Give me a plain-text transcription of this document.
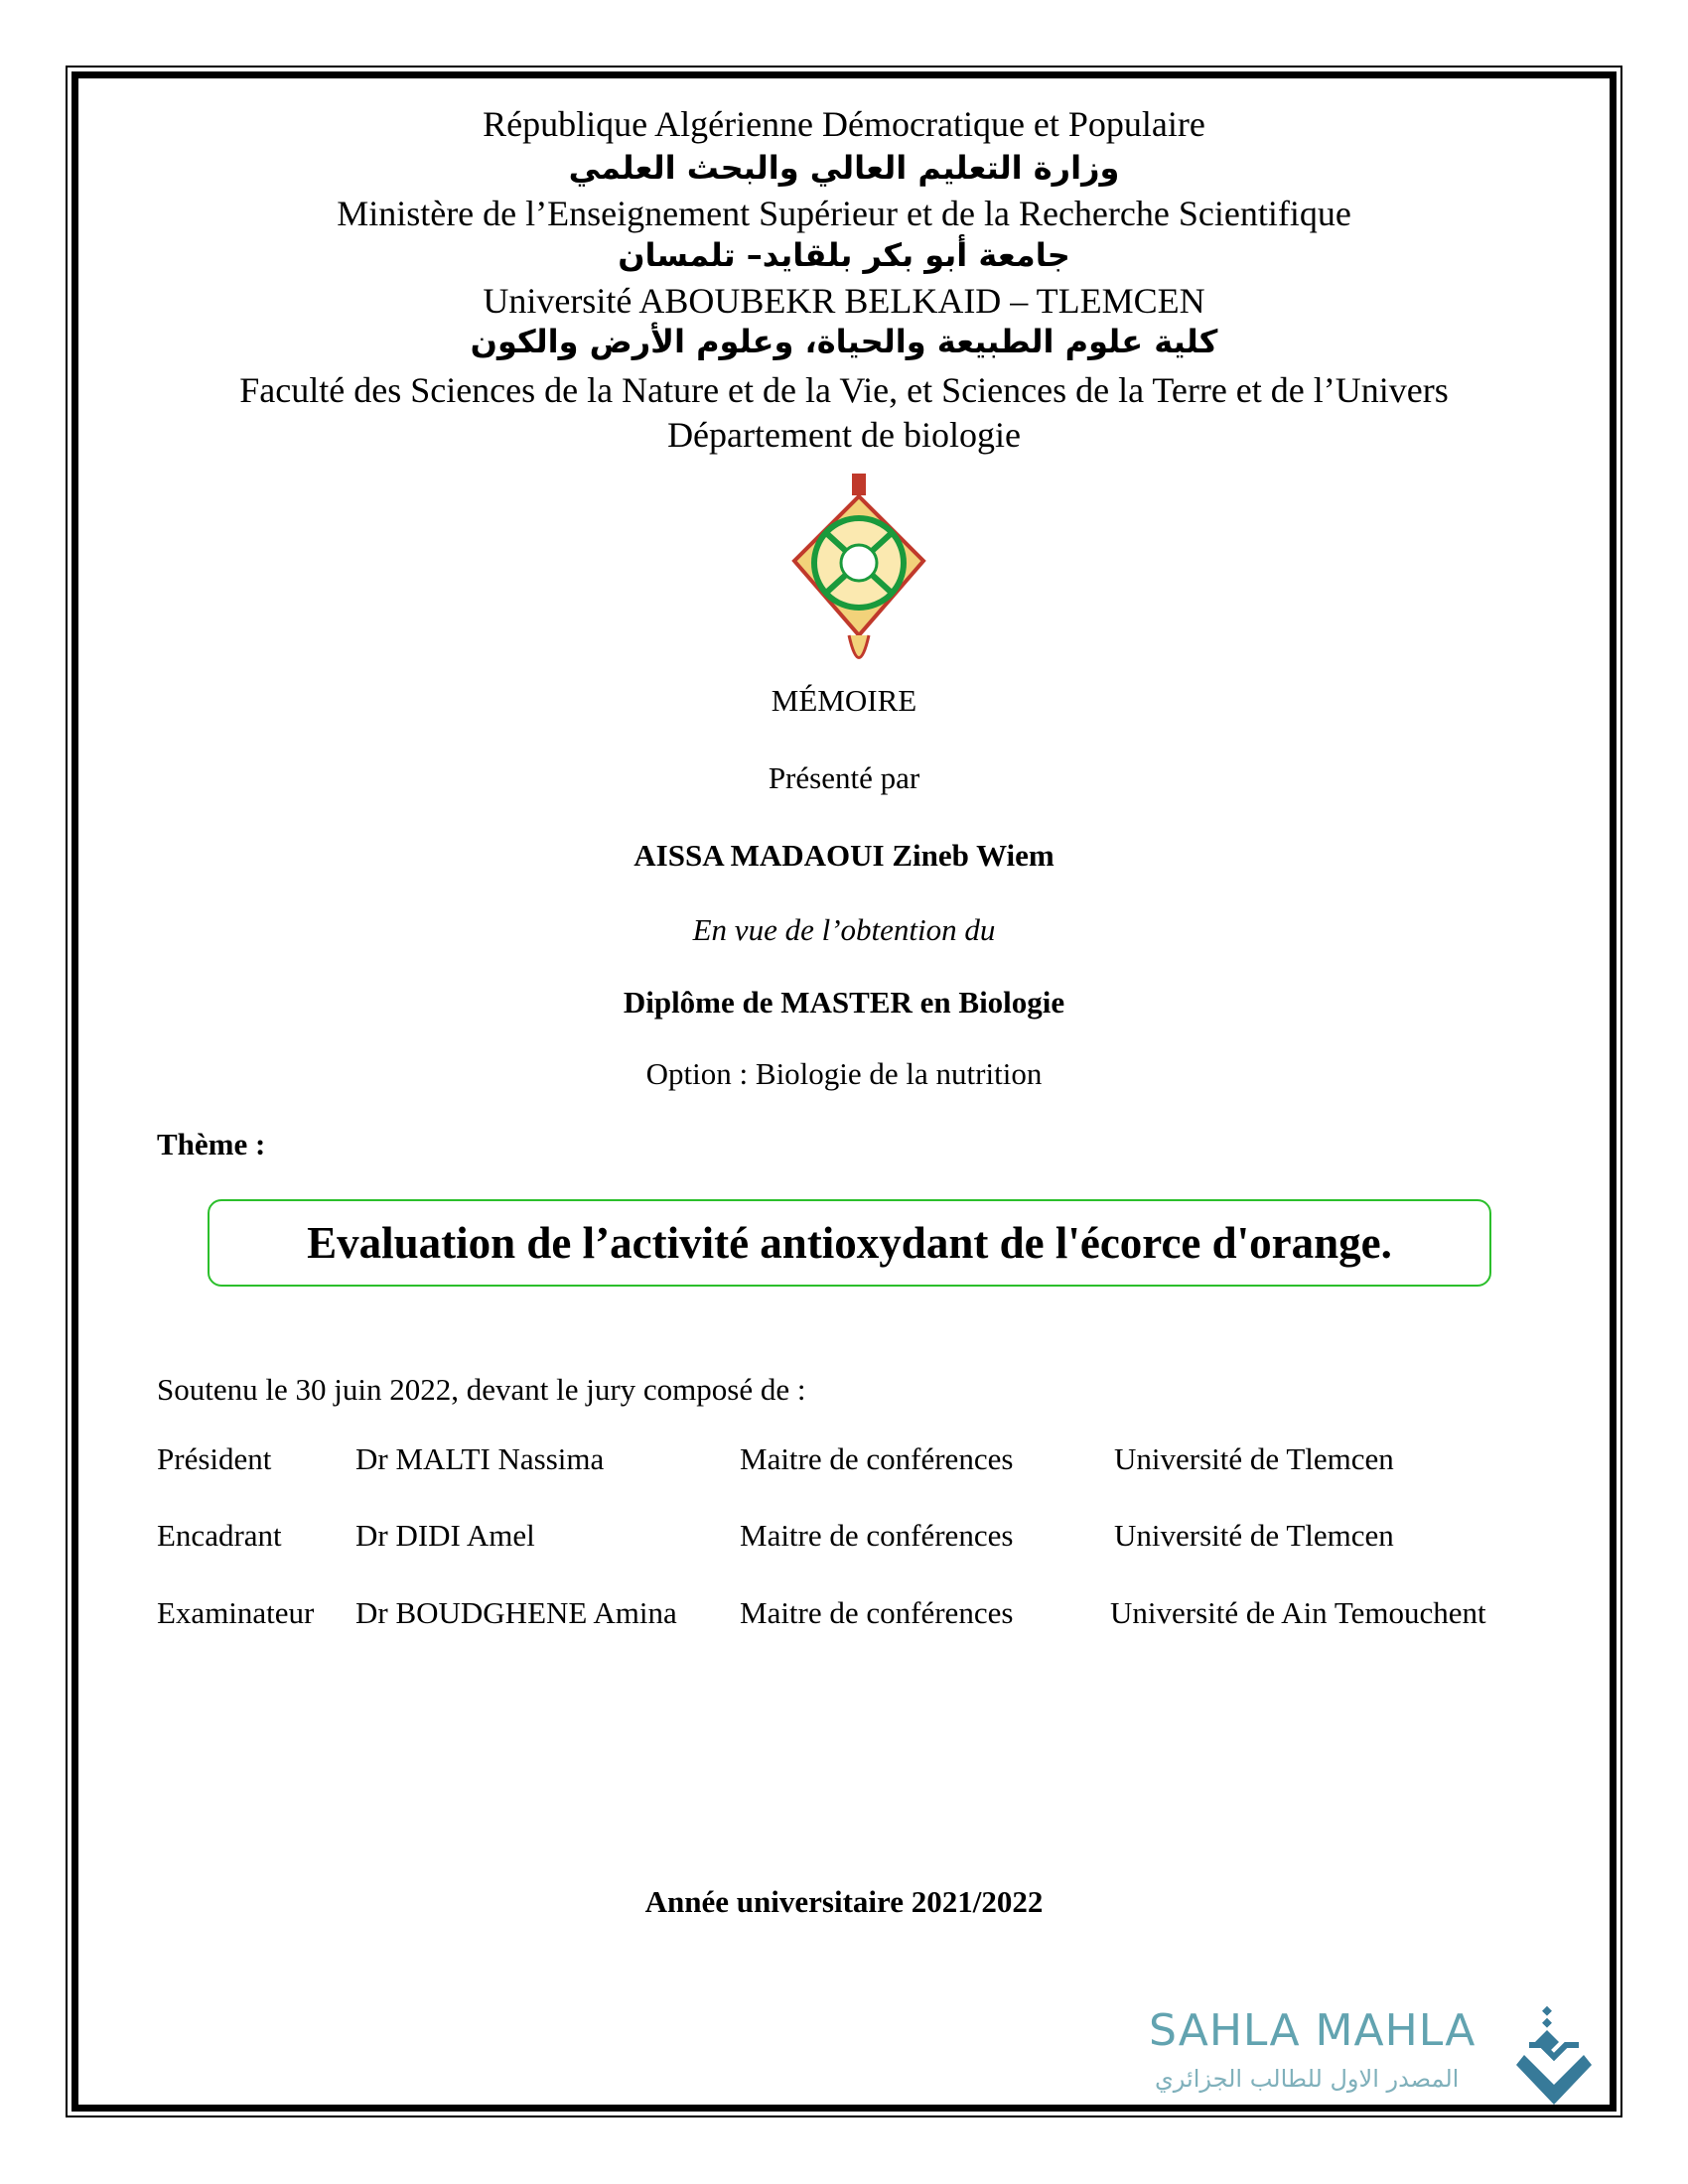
République Algérienne Démocratique et Populaire
وزارة التعليم العالي والبحث العلمي
Ministère de l’Enseignement Supérieur et de la Recherche Scientifique
جامعة أبو بكر بلقايد– تلمسان
Université ABOUBEKR BELKAID – TLEMCEN
كلية علوم الطبيعة والحياة، وعلوم الأرض والكون
Faculté des Sciences de la Nature et de la Vie, et Sciences de la Terre et de l’Univers
Département de biologie
MÉMOIRE
Présenté par
AISSA MADAOUI Zineb Wiem
En vue de l’obtention du
Diplôme de MASTER en Biologie
Option : Biologie de la nutrition
Thème :
Evaluation de l’activité antioxydant de l'écorce d'orange.
Soutenu le 30 juin 2022, devant le jury composé de :
Président	Dr MALTI Nassima	Maitre de conférences	Université de Tlemcen
Encadrant Dr DIDI Amel	Maitre de conférences	Université de Tlemcen
Examinateur Dr BOUDGHENE Amina Maitre de conférences	Université de Ain Temouchent
Année universitaire 2021/2022
SAHLA MAHLA
المصدر الاول للطالب الجزائري
